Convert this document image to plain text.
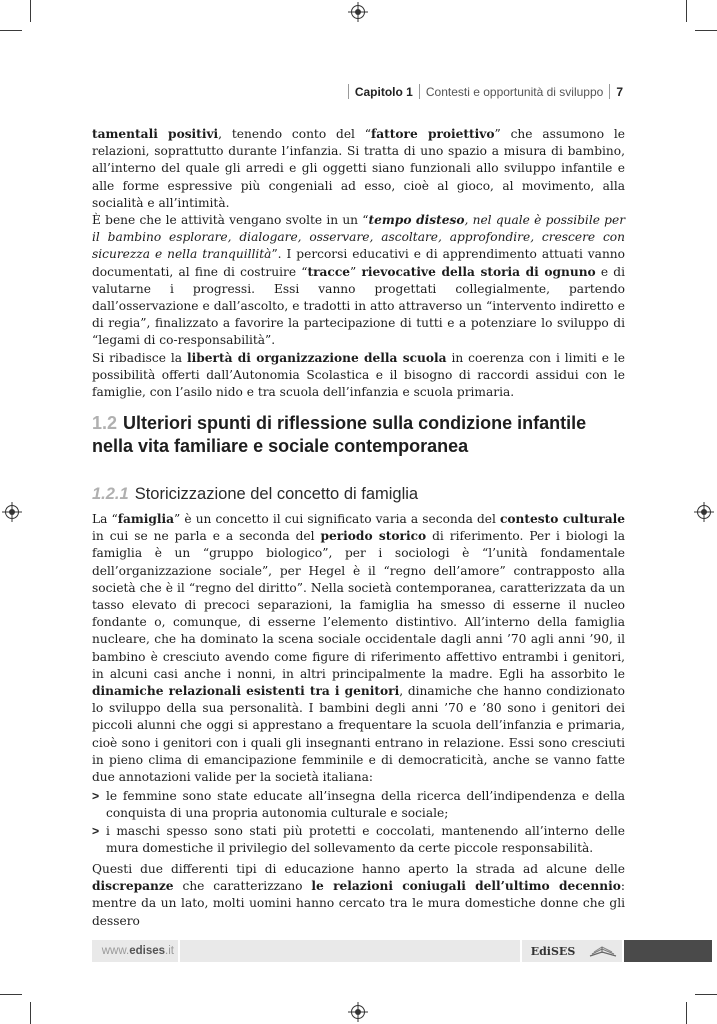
Capitolo 1 Contesti e opportunità di sviluppo 7

tamentali positivi, tenendo conto del “fattore proiettivo” che assumono le relazioni, soprattutto durante l’infanzia. Si tratta di uno spazio a misura di bambino, all’interno del quale gli arredi e gli oggetti siano funzionali allo sviluppo infantile e alle forme espressive più congeniali ad esso, cioè al gioco, al movimento, alla socialità e all’intimità.

È bene che le attività vengano svolte in un “tempo disteso, nel quale è possibile per il bambino esplorare, dialogare, osservare, ascoltare, approfondire, crescere con sicurezza e nella tranquillità”. I percorsi educativi e di apprendimento attuati vanno documentati, al fine di costruire “tracce” rievocative della storia di ognuno e di valutarne i progressi. Essi vanno progettati collegialmente, partendo dall’osservazione e dall’ascolto, e tradotti in atto attraverso un “intervento indiretto e di regia”, finalizzato a favorire la partecipazione di tutti e a potenziare lo sviluppo di “legami di co-responsabilità”.

Si ribadisce la libertà di organizzazione della scuola in coerenza con i limiti e le possibilità offerti dall’Autonomia Scolastica e il bisogno di raccordi assidui con le famiglie, con l’asilo nido e tra scuola dell’infanzia e scuola primaria.

1.2 Ulteriori spunti di riflessione sulla condizione infantile nella vita familiare e sociale contemporanea
1.2.1 Storicizzazione del concetto di famiglia

La “famiglia” è un concetto il cui significato varia a seconda del contesto culturale in cui se ne parla e a seconda del periodo storico di riferimento. Per i biologi la famiglia è un “gruppo biologico”, per i sociologi è “l’unità fondamentale dell’organizzazione sociale”, per Hegel è il “regno dell’amore” contrapposto alla società che è il “regno del diritto”. Nella società contemporanea, caratterizzata da un tasso elevato di precoci separazioni, la famiglia ha smesso di esserne il nucleo fondante o, comunque, di esserne l’elemento distintivo. All’interno della famiglia nucleare, che ha dominato la scena sociale occidentale dagli anni ’70 agli anni ’90, il bambino è cresciuto avendo come figure di riferimento affettivo entrambi i genitori, in alcuni casi anche i nonni, in altri principalmente la madre. Egli ha assorbito le dinamiche relazionali esistenti tra i genitori, dinamiche che hanno condizionato lo sviluppo della sua personalità. I bambini degli anni ’70 e ’80 sono i genitori dei piccoli alunni che oggi si apprestano a frequentare la scuola dell’infanzia e primaria, cioè sono i genitori con i quali gli insegnanti entrano in relazione. Essi sono cresciuti in pieno clima di emancipazione femminile e di democraticità, anche se vanno fatte due annotazioni valide per la società italiana:

> le femmine sono state educate all’insegna della ricerca dell’indipendenza e della conquista di una propria autonomia culturale e sociale;
> i maschi spesso sono stati più protetti e coccolati, mantenendo all’interno delle mura domestiche il privilegio del sollevamento da certe piccole responsabilità.

Questi due differenti tipi di educazione hanno aperto la strada ad alcune delle discrepanze che caratterizzano le relazioni coniugali dell’ultimo decennio: mentre da un lato, molti uomini hanno cercato tra le mura domestiche donne che gli dessero

www. edises .it	EdiSES
